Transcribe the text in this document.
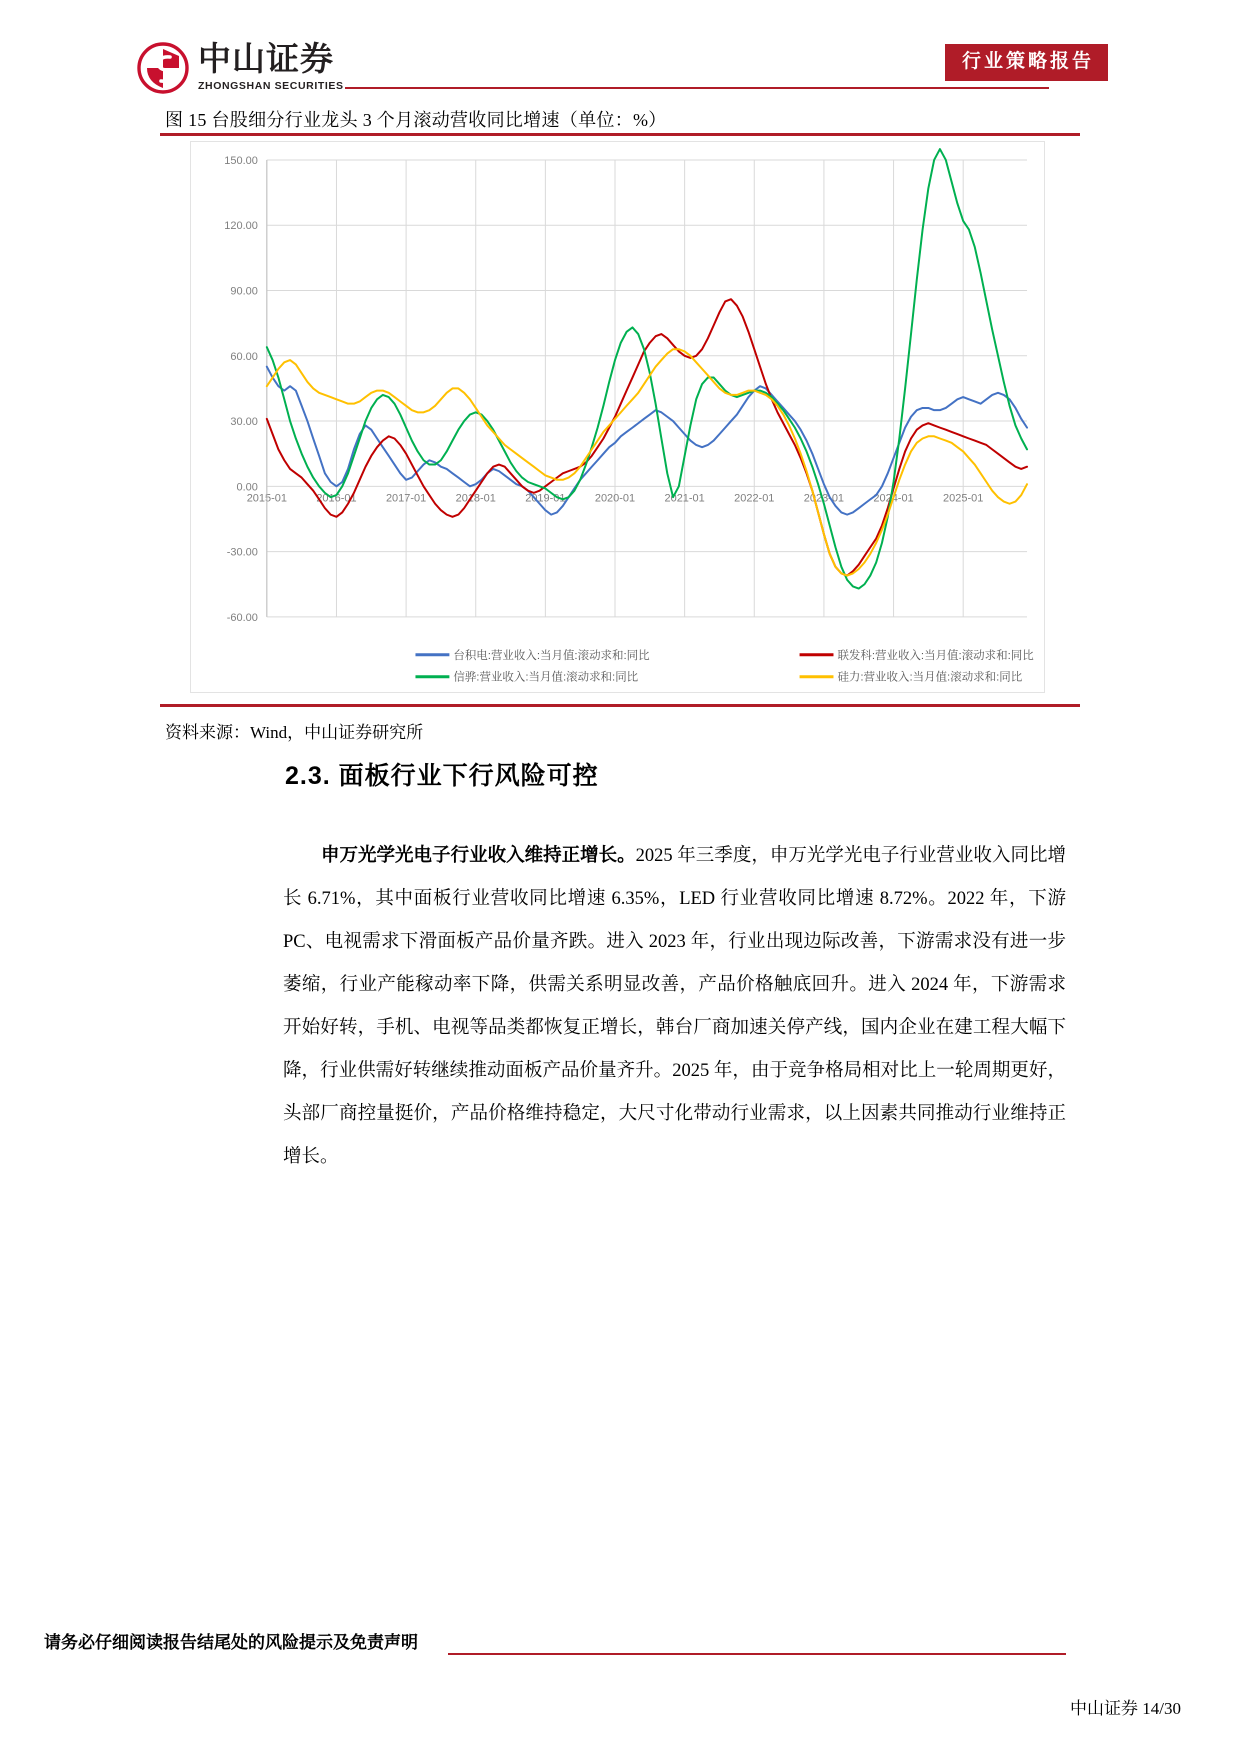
中山证券
ZHONGSHAN SECURITIES
行业策略报告
图 15 台股细分行业龙头 3 个月滚动营收同比增速（单位：%）
150.00
120.00
90.00
60.00
30.00
0.00
-30.00
-60.00
2015-01	2016-01	2017-01	2018-01	2019-01	2020-01	2021-01	2022-01	2023-01	2024-01	2025-01
台积电:营业收入:当月值:滚动求和:同比	联发科:营业收入:当月值:滚动求和:同比
信骅:营业收入:当月值:滚动求和:同比	硅力:营业收入:当月值:滚动求和:同比
资料来源：Wind，中山证券研究所
2.3. 面板行业下行风险可控

申万光学光电子行业收入维持正增长。2025 年三季度，申万光学光电子行业营业收入同比增长 6.71%，其中面板行业营收同比增速 6.35%，LED 行业营收同比增速 8.72%。2022 年，下游 PC、电视需求下滑面板产品价量齐跌。进入 2023 年，行业出现边际改善，下游需求没有进一步萎缩，行业产能稼动率下降，供需关系明显改善，产品价格触底回升。进入 2024 年，下游需求开始好转，手机、电视等品类都恢复正增长，韩台厂商加速关停产线，国内企业在建工程大幅下降，行业供需好转继续推动面板产品价量齐升。2025 年，由于竞争格局相对比上一轮周期更好，头部厂商控量挺价，产品价格维持稳定，大尺寸化带动行业需求，以上因素共同推动行业维持正增长。

请务必仔细阅读报告结尾处的风险提示及免责声明
中山证券 14/30
